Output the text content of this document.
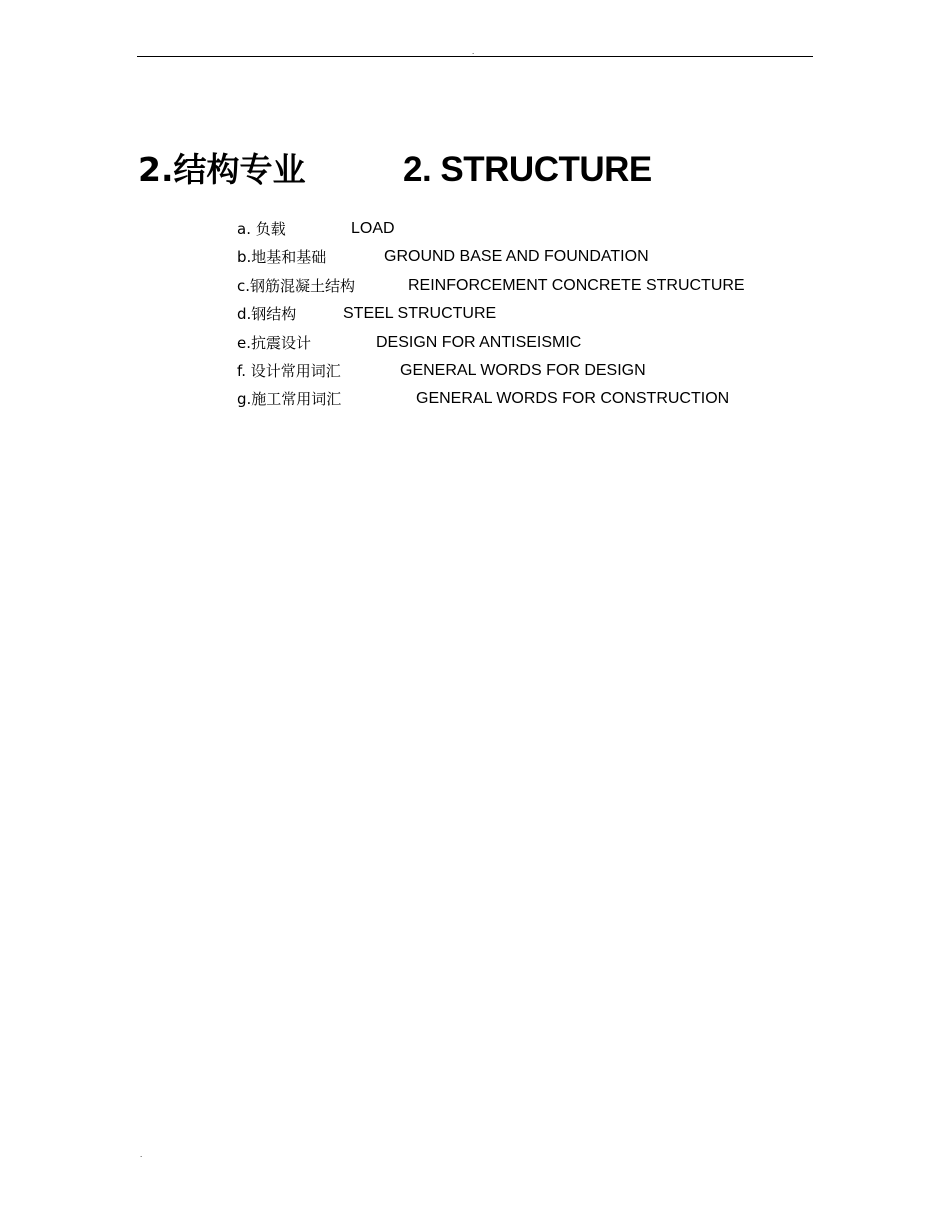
.
2.结构专业	2. STRUCTURE
a. 负载	LOAD
b.地基和基础	GROUND BASE AND FOUNDATION
c.钢筋混凝土结构	REINFORCEMENT CONCRETE STRUCTURE
d.钢结构	STEEL STRUCTURE
e.抗震设计	DESIGN FOR ANTISEISMIC
f. 设计常用词汇	GENERAL WORDS FOR DESIGN
g.施工常用词汇	GENERAL WORDS FOR CONSTRUCTION
.
